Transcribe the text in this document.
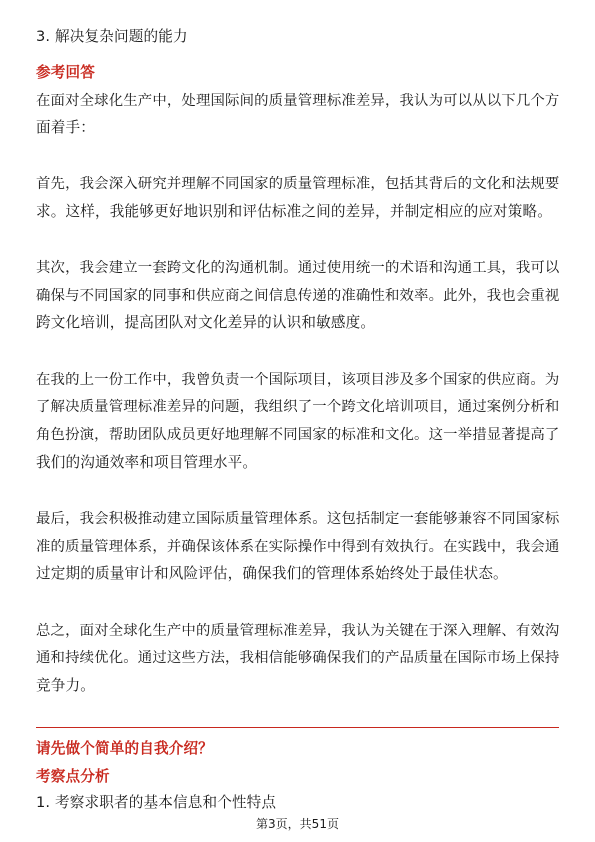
3. 解决复杂问题的能力
参考回答
在面对全球化生产中，处理国际间的质量管理标准差异，我认为可以从以下几个方
面着手：
首先，我会深入研究并理解不同国家的质量管理标准，包括其背后的文化和法规要
求。这样，我能够更好地识别和评估标准之间的差异，并制定相应的应对策略。
其次，我会建立一套跨文化的沟通机制。通过使用统一的术语和沟通工具，我可以
确保与不同国家的同事和供应商之间信息传递的准确性和效率。此外，我也会重视
跨文化培训，提高团队对文化差异的认识和敏感度。
在我的上一份工作中，我曾负责一个国际项目，该项目涉及多个国家的供应商。为
了解决质量管理标准差异的问题，我组织了一个跨文化培训项目，通过案例分析和
角色扮演，帮助团队成员更好地理解不同国家的标准和文化。这一举措显著提高了
我们的沟通效率和项目管理水平。
最后，我会积极推动建立国际质量管理体系。这包括制定一套能够兼容不同国家标
准的质量管理体系，并确保该体系在实际操作中得到有效执行。在实践中，我会通
过定期的质量审计和风险评估，确保我们的管理体系始终处于最佳状态。
总之，面对全球化生产中的质量管理标准差异，我认为关键在于深入理解、有效沟
通和持续优化。通过这些方法，我相信能够确保我们的产品质量在国际市场上保持
竞争力。
请先做个简单的自我介绍？
考察点分析
1. 考察求职者的基本信息和个性特点
第3页，共51页
